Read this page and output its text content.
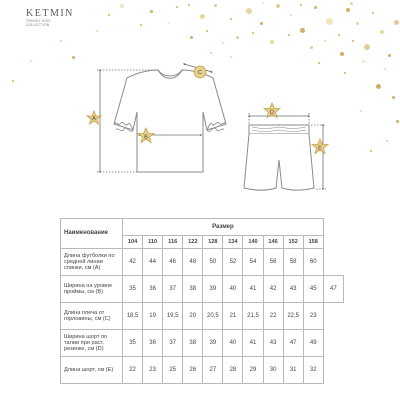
KETMIN
TRENDY KIDS
COLLECTION
A
B
C
D
E
Наименование	Размер										
	104	110	116	122	128	134	140	146	152	158	
Длина футболки по средней линии спинки, см (А)	42	44	46	48	50	52	54	56	58	60	
Ширина на уровне проймы, см (В)	35	36	37	38	39	40	41	42	43	45	47
Длина плеча от горловины, см (С)	18,5	19	19,5	20	20,5	21	21,5	22	22,5	23	
Ширина шорт по талии при раст. резинке, см (D)	35	36	37	38	39	40	41	43	47	49	
Длина шорт, см (E)	22	23	25	26	27	28	29	30	31	32	
